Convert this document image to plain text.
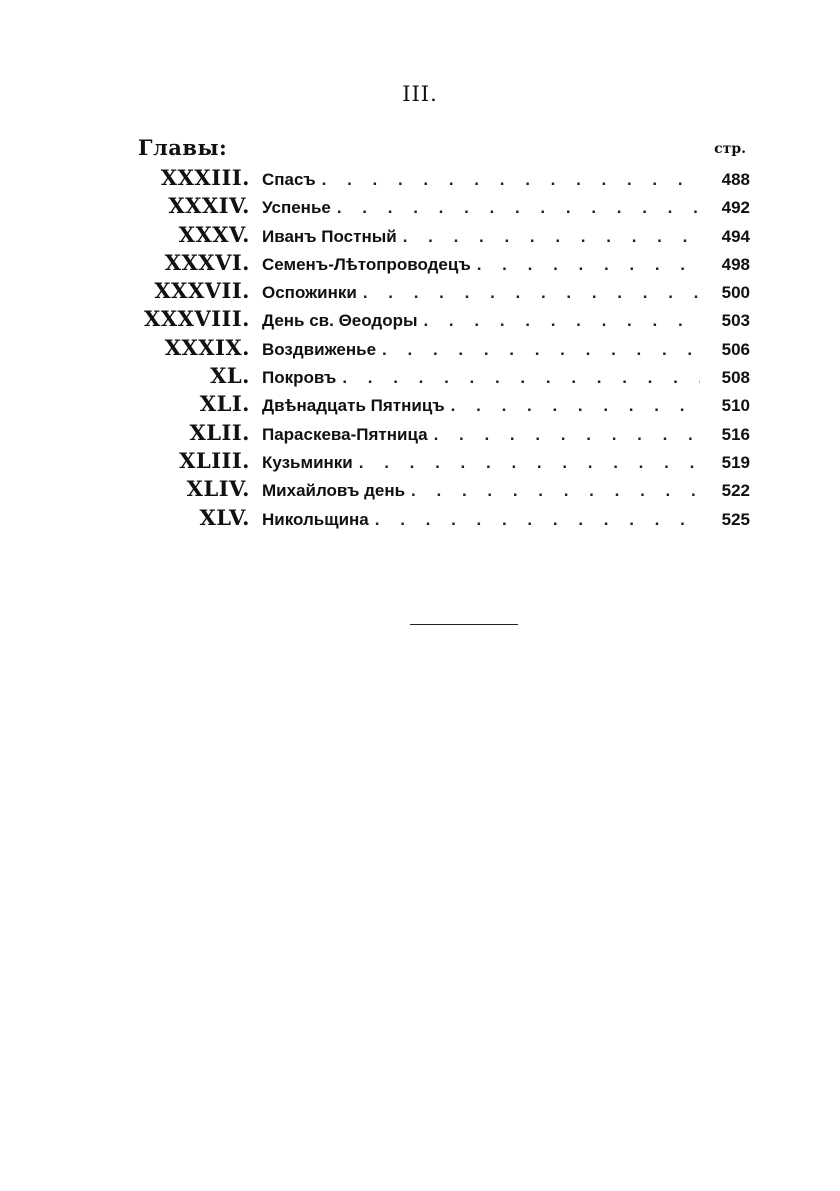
III.
Главы:	стр.
XXXIII. Спасъ . . .	488
XXXIV. Успенье . . .	492
XXXV. Иванъ Постный . . .	494
XXXVI. Семенъ-Лѣтопроводецъ . . .	498
XXXVII. Оспожинки . . .	500
XXXVIII. День св. Θеодоры . . .	503
XXXIX. Воздвиженье . . .	506
XL. Покровъ . . .	508
XLI. Двѣнадцать Пятницъ . . .	510
XLII. Параскева-Пятница . . .	516
XLIII. Кузьминки . . .	519
XLIV. Михайловъ день . . .	522
XLV. Никольщина . . .	525
